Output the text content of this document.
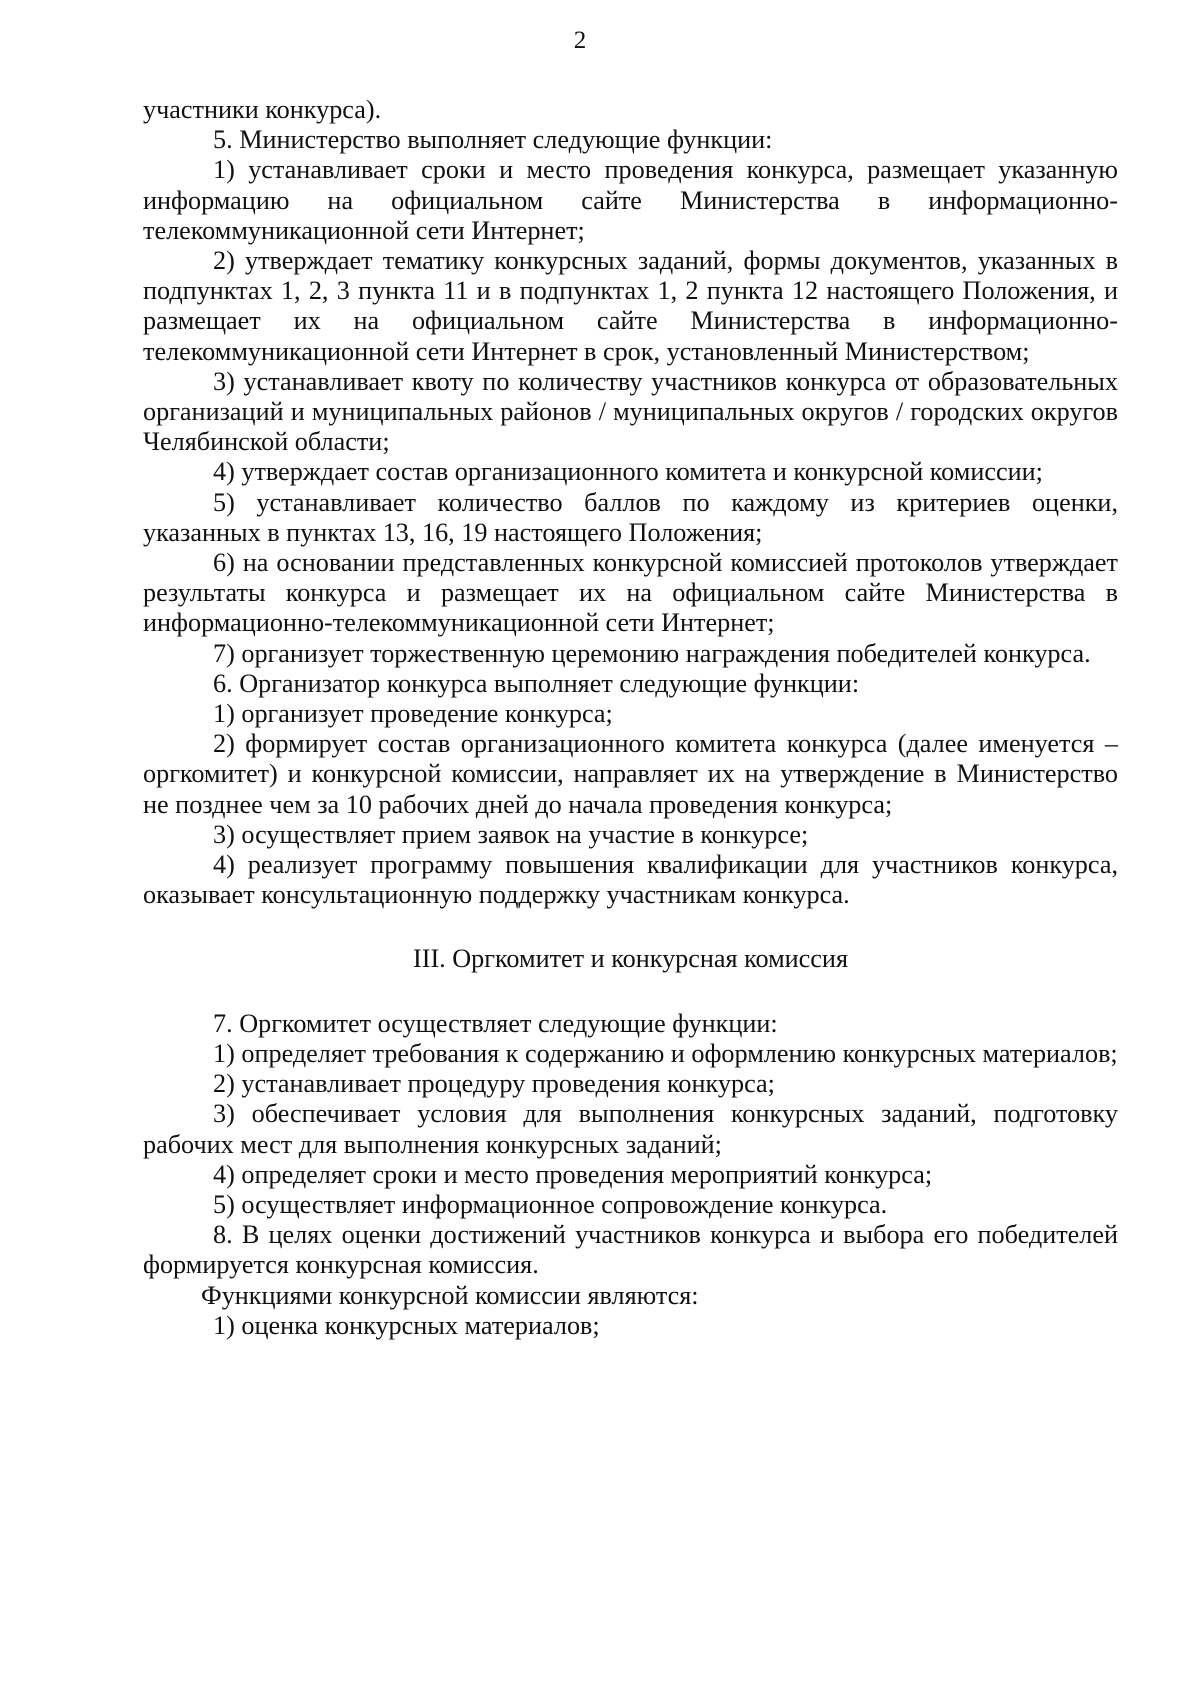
2

участники конкурса).

5. Министерство выполняет следующие функции:

1) устанавливает сроки и место проведения конкурса, размещает указанную информацию на официальном сайте Министерства в информационно-телекоммуникационной сети Интернет;

2) утверждает тематику конкурсных заданий, формы документов, указанных в подпунктах 1, 2, 3 пункта 11 и в подпунктах 1, 2 пункта 12 настоящего Положения, и размещает их на официальном сайте Министерства в информационно-телекоммуникационной сети Интернет в срок, установленный Министерством;

3) устанавливает квоту по количеству участников конкурса от образовательных организаций и муниципальных районов / муниципальных округов / городских округов Челябинской области;

4) утверждает состав организационного комитета и конкурсной комиссии;

5) устанавливает количество баллов по каждому из критериев оценки, указанных в пунктах 13, 16, 19 настоящего Положения;

6) на основании представленных конкурсной комиссией протоколов утверждает результаты конкурса и размещает их на официальном сайте Министерства в информационно-телекоммуникационной сети Интернет;

7) организует торжественную церемонию награждения победителей конкурса.

6. Организатор конкурса выполняет следующие функции:

1) организует проведение конкурса;

2) формирует состав организационного комитета конкурса (далее именуется – оргкомитет) и конкурсной комиссии, направляет их на утверждение в Министерство не позднее чем за 10 рабочих дней до начала проведения конкурса;

3) осуществляет прием заявок на участие в конкурсе;

4) реализует программу повышения квалификации для участников конкурса, оказывает консультационную поддержку участникам конкурса.

III. Оргкомитет и конкурсная комиссия

7. Оргкомитет осуществляет следующие функции:

1) определяет требования к содержанию и оформлению конкурсных материалов;

2) устанавливает процедуру проведения конкурса;

3) обеспечивает условия для выполнения конкурсных заданий, подготовку рабочих мест для выполнения конкурсных заданий;

4) определяет сроки и место проведения мероприятий конкурса;

5) осуществляет информационное сопровождение конкурса.

8. В целях оценки достижений участников конкурса и выбора его победителей формируется конкурсная комиссия.

Функциями конкурсной комиссии являются:

1) оценка конкурсных материалов;
